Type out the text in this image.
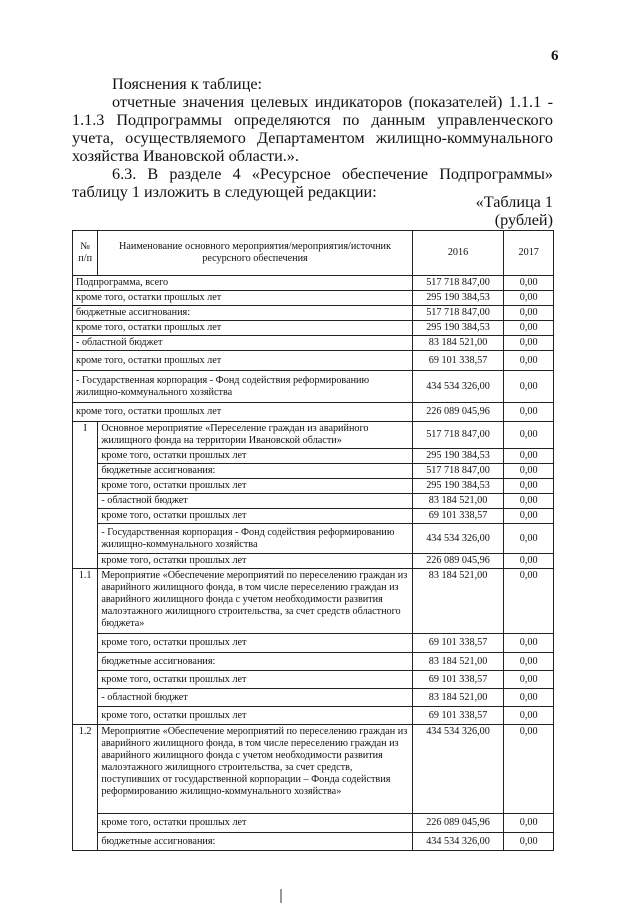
6
Пояснения к таблице:
отчетные значения целевых индикаторов (показателей) 1.1.1 - 1.1.3 Подпрограммы определяются по данным управленческого учета, осуществляемого Департаментом жилищно-коммунального хозяйства Ивановской области.».
6.3. В разделе 4 «Ресурсное обеспечение Подпрограммы» таблицу 1 изложить в следующей редакции:
«Таблица 1
(рублей)
№ п/п	Наименование основного мероприятия/мероприятия/источник ресурсного обеспечения	2016	2017
Подпрограмма, всего		517 718 847,00	0,00
кроме того, остатки прошлых лет		295 190 384,53	0,00
бюджетные ассигнования:		517 718 847,00	0,00
кроме того, остатки прошлых лет		295 190 384,53	0,00
- областной бюджет		83 184 521,00	0,00
кроме того, остатки прошлых лет		69 101 338,57	0,00
- Государственная корпорация - Фонд содействия реформированию жилищно-коммунального хозяйства		434 534 326,00	0,00
кроме того, остатки прошлых лет		226 089 045,96	0,00
I	Основное мероприятие «Переселение граждан из аварийного жилищного фонда на территории Ивановской области»	517 718 847,00	0,00
	кроме того, остатки прошлых лет	295 190 384,53	0,00
	бюджетные ассигнования:	517 718 847,00	0,00
	кроме того, остатки прошлых лет	295 190 384,53	0,00
	- областной бюджет	83 184 521,00	0,00
	кроме того, остатки прошлых лет	69 101 338,57	0,00
	- Государственная корпорация - Фонд содействия реформированию жилищно-коммунального хозяйства	434 534 326,00	0,00
	кроме того, остатки прошлых лет	226 089 045,96	0,00
1.1	Мероприятие «Обеспечение мероприятий по переселению граждан из аварийного жилищного фонда, в том числе переселению граждан из аварийного жилищного фонда с учетом необходимости развития малоэтажного жилищного строительства, за счет средств областного бюджета»	83 184 521,00	0,00
	кроме того, остатки прошлых лет	69 101 338,57	0,00
	бюджетные ассигнования:	83 184 521,00	0,00
	кроме того, остатки прошлых лет	69 101 338,57	0,00
	- областной бюджет	83 184 521,00	0,00
	кроме того, остатки прошлых лет	69 101 338,57	0,00
1.2	Мероприятие «Обеспечение мероприятий по переселению граждан из аварийного жилищного фонда, в том числе переселению граждан из аварийного жилищного фонда с учетом необходимости развития малоэтажного жилищного строительства, за счет средств, поступивших от государственной корпорации – Фонда содействия реформированию жилищно-коммунального хозяйства»	434 534 326,00	0,00
	кроме того, остатки прошлых лет	226 089 045,96	0,00
	бюджетные ассигнования:	434 534 326,00	0,00
